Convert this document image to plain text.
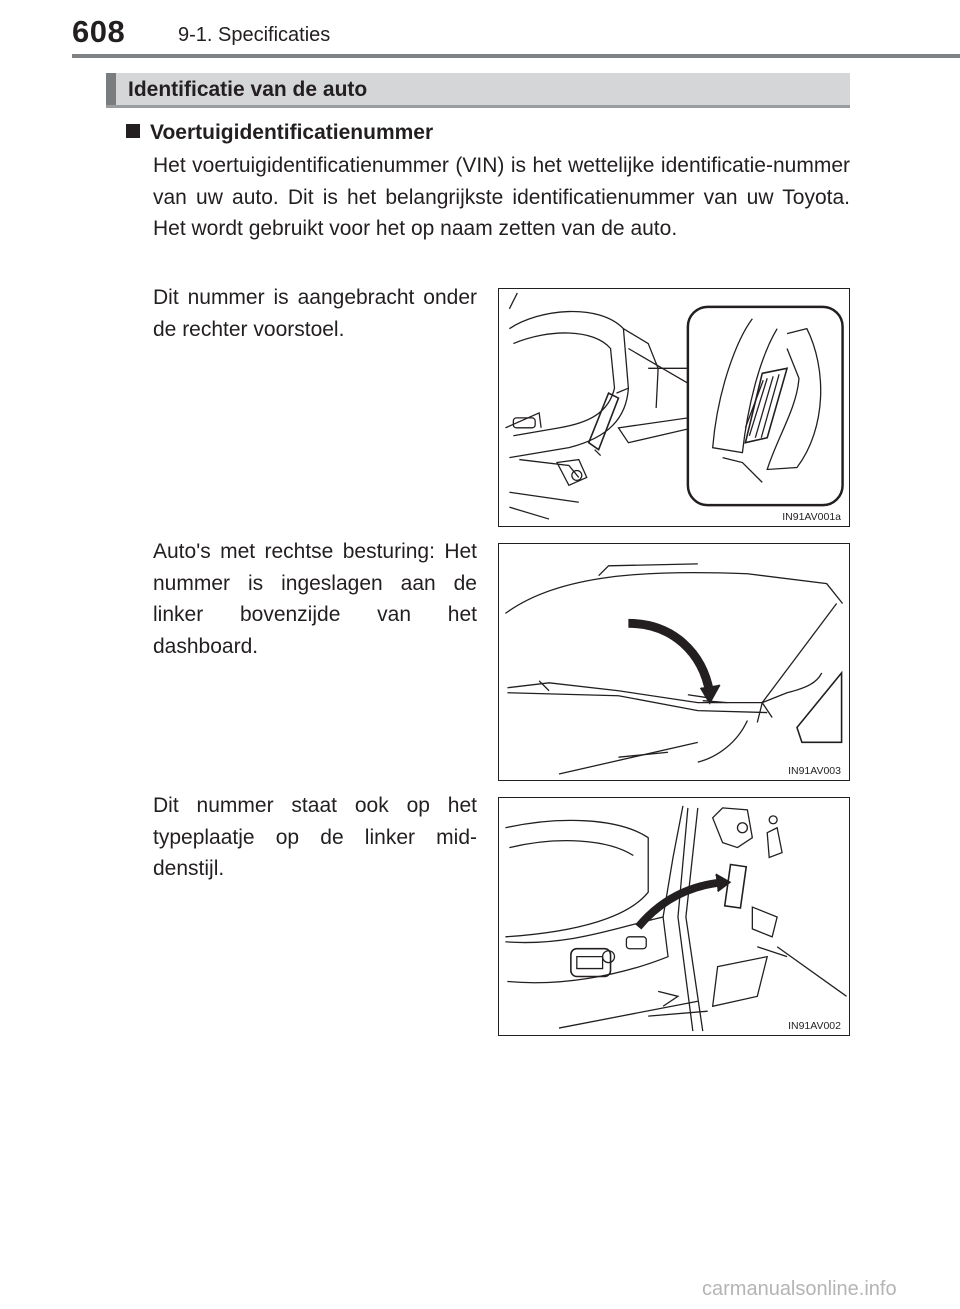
608	9-1. Specificaties
Identificatie van de auto
Voertuigidentificatienummer
Het voertuigidentificatienummer (VIN) is het wettelijke identificatie-nummer van uw auto. Dit is het belangrijkste identificatienummer van uw Toyota. Het wordt gebruikt voor het op naam zetten van de auto.
Dit nummer is aangebracht onder de rechter voorstoel.
Auto's met rechtse besturing: Het nummer is ingeslagen aan de linker bovenzijde van het dashboard.
Dit nummer staat ook op het typeplaatje op de linker mid-denstijl.
IN91AV001a
IN91AV003
IN91AV002
carmanualsonline.info
